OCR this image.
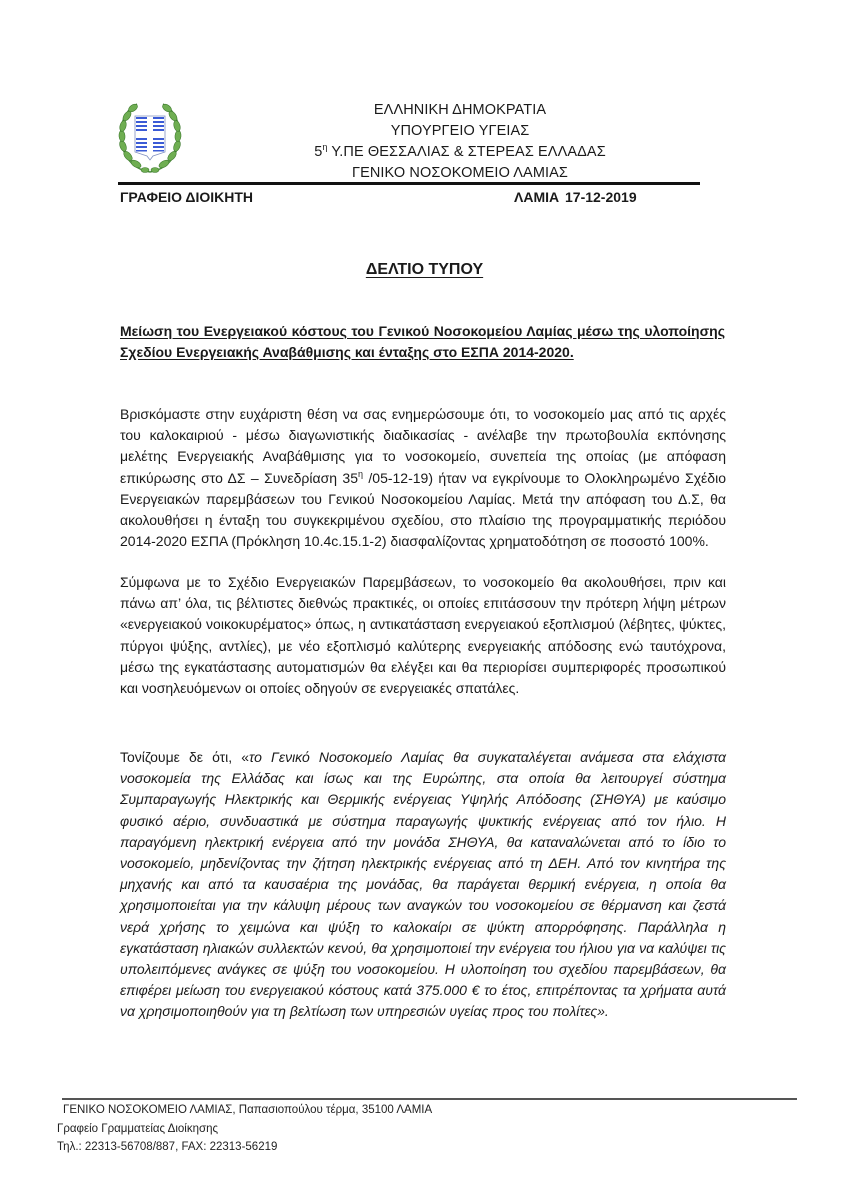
ΕΛΛΗΝΙΚΗ ΔΗΜΟΚΡΑΤΙΑ
ΥΠΟΥΡΓΕΙΟ ΥΓΕΙΑΣ
$5^\eta$ Υ.ΠΕ ΘΕΣΣΑΛΙΑΣ & ΣΤΕΡΕΑΣ ΕΛΛΑΔΑΣ
ΓΕΝΙΚΟ ΝΟΣΟΚΟΜΕΙΟ ΛΑΜΙΑΣ
ΓΡΑΦΕΙΟ ΔΙΟΙΚΗΤΗ	ΛΑΜΙΑ 17-12-2019
ΔΕΛΤΙΟ ΤΥΠΟΥ
Μείωση του Ενεργειακού κόστους του Γενικού Νοσοκομείου Λαμίας μέσω της υλοποίησης Σχεδίου Ενεργειακής Αναβάθμισης και ένταξης στο ΕΣΠΑ 2014-2020.
Βρισκόμαστε στην ευχάριστη θέση να σας ενημερώσουμε ότι, το νοσοκομείο μας από τις αρχές του καλοκαιριού - μέσω διαγωνιστικής διαδικασίας - ανέλαβε την πρωτοβουλία εκπόνησης μελέτης Ενεργειακής Αναβάθμισης για το νοσοκομείο, συνεπεία της οποίας (με απόφαση επικύρωσης στο ΔΣ – Συνεδρίαση $35^\eta$ /05-12-19) ήταν να εγκρίνουμε το Ολοκληρωμένο Σχέδιο Ενεργειακών παρεμβάσεων του Γενικού Νοσοκομείου Λαμίας. Μετά την απόφαση του Δ.Σ, θα ακολουθήσει η ένταξη του συγκεκριμένου σχεδίου, στο πλαίσιο της προγραμματικής περιόδου 2014-2020 ΕΣΠΑ (Πρόκληση 10.4c.15.1-2) διασφαλίζοντας χρηματοδότηση σε ποσοστό 100%.
Σύμφωνα με το Σχέδιο Ενεργειακών Παρεμβάσεων, το νοσοκομείο θα ακολουθήσει, πριν και πάνω απ’ όλα, τις βέλτιστες διεθνώς πρακτικές, οι οποίες επιτάσσουν την πρότερη λήψη μέτρων «ενεργειακού νοικοκυρέματος» όπως, η αντικατάσταση ενεργειακού εξοπλισμού (λέβητες, ψύκτες, πύργοι ψύξης, αντλίες), με νέο εξοπλισμό καλύτερης ενεργειακής απόδοσης ενώ ταυτόχρονα, μέσω της εγκατάστασης αυτοματισμών θα ελέγξει και θα περιορίσει συμπεριφορές προσωπικού και νοσηλευόμενων οι οποίες οδηγούν σε ενεργειακές σπατάλες.
Τονίζουμε δε ότι, «το Γενικό Νοσοκομείο Λαμίας θα συγκαταλέγεται ανάμεσα στα ελάχιστα νοσοκομεία της Ελλάδας και ίσως και της Ευρώπης, στα οποία θα λειτουργεί σύστημα Συμπαραγωγής Ηλεκτρικής και Θερμικής ενέργειας Υψηλής Απόδοσης (ΣΗΘΥΑ) με καύσιμο φυσικό αέριο, συνδυαστικά με σύστημα παραγωγής ψυκτικής ενέργειας από τον ήλιο. Η παραγόμενη ηλεκτρική ενέργεια από την μονάδα ΣΗΘΥΑ, θα καταναλώνεται από το ίδιο το νοσοκομείο, μηδενίζοντας την ζήτηση ηλεκτρικής ενέργειας από τη ΔΕΗ. Από τον κινητήρα της μηχανής και από τα καυσαέρια της μονάδας, θα παράγεται θερμική ενέργεια, η οποία θα χρησιμοποιείται για την κάλυψη μέρους των αναγκών του νοσοκομείου σε θέρμανση και ζεστά νερά χρήσης το χειμώνα και ψύξη το καλοκαίρι σε ψύκτη απορρόφησης. Παράλληλα η εγκατάσταση ηλιακών συλλεκτών κενού, θα χρησιμοποιεί την ενέργεια του ήλιου για να καλύψει τις υπολειπόμενες ανάγκες σε ψύξη του νοσοκομείου. Η υλοποίηση του σχεδίου παρεμβάσεων, θα επιφέρει μείωση του ενεργειακού κόστους κατά 375.000 € το έτος, επιτρέποντας τα χρήματα αυτά να χρησιμοποιηθούν για τη βελτίωση των υπηρεσιών υγείας προς του πολίτες».
ΓΕΝΙΚΟ ΝΟΣΟΚΟΜΕΙΟ ΛΑΜΙΑΣ, Παπασιοπούλου τέρμα, 35100 ΛΑΜΙΑ
Γραφείο Γραμματείας Διοίκησης
Τηλ.: 22313-56708/887, FAX: 22313-56219
